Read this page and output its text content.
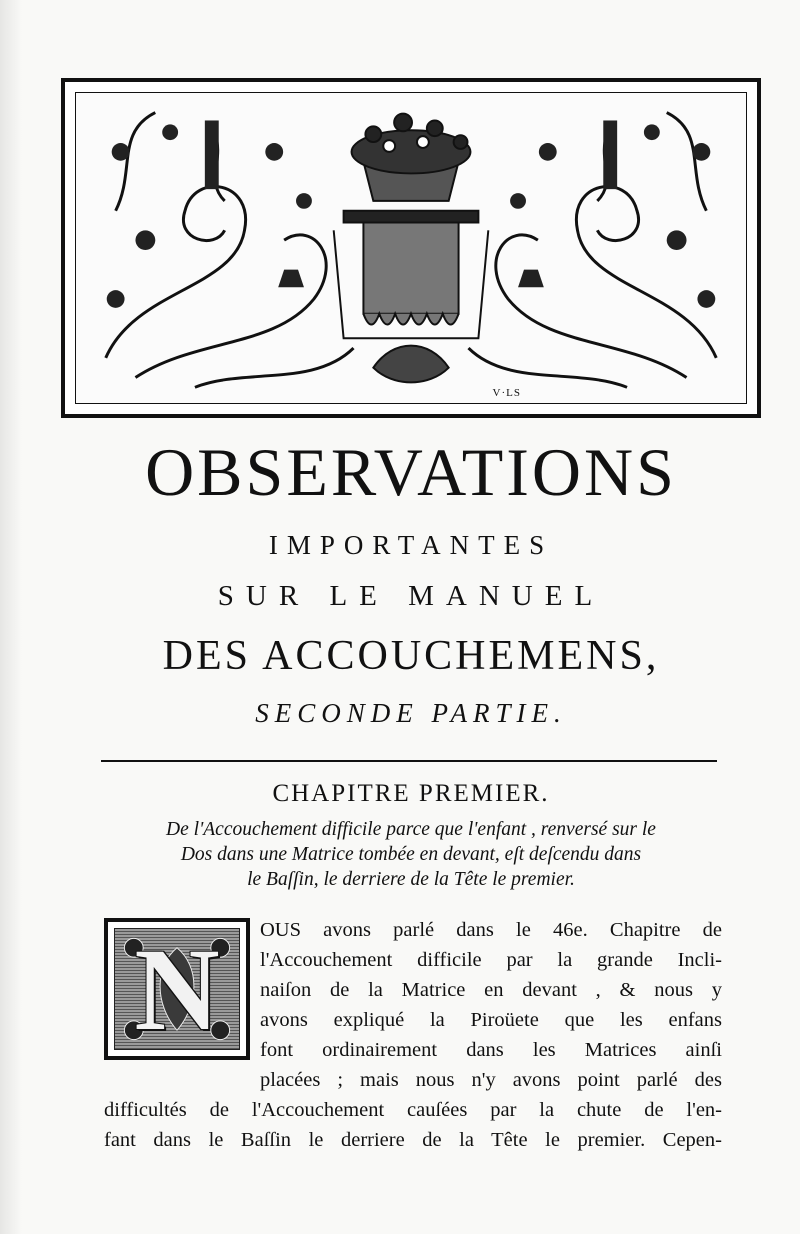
V·LS
OBSERVATIONS
IMPORTANTES
SUR LE MANUEL
DES ACCOUCHEMENS,
SECONDE PARTIE.
CHAPITRE PREMIER.
De l'Accouchement difficile parce que l'enfant , renversé sur le
Dos dans une Matrice tombée en devant, eſt deſcendu dans
le Baſſin, le derriere de la Tête le premier.
N	OUS avons parlé dans le 46e. Chapitre de
l'Accouchement difficile par la grande Incli-
naiſon de la Matrice en devant , & nous y
avons expliqué la Piroüete que les enfans
font ordinairement dans les Matrices ainſi
placées ; mais nous n'y avons point parlé des
difficultés de l'Accouchement cauſées par la chute de l'en-
fant dans le Baſſin le derriere de la Tête le premier. Cepen-
